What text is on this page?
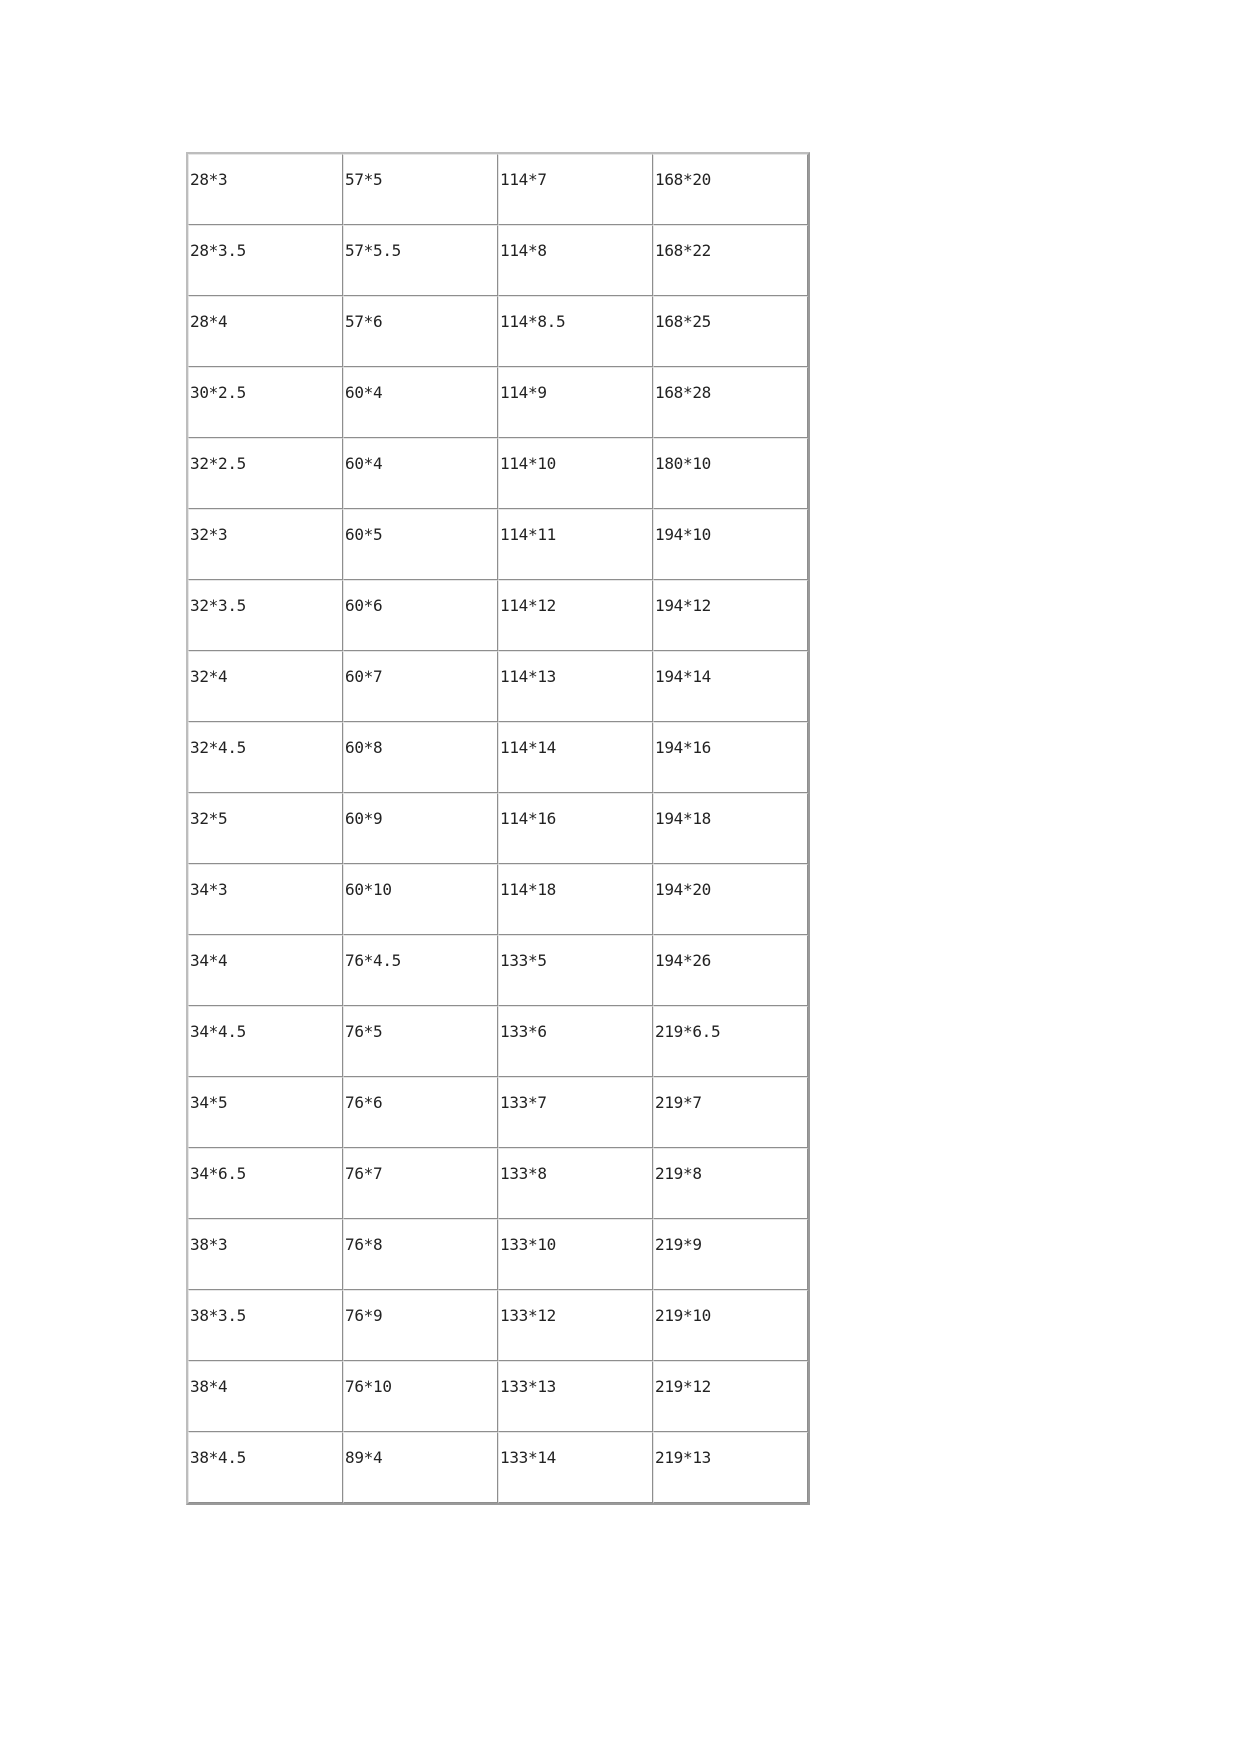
28*3	57*5	114*7	168*20

28*3.5	57*5.5	114*8	168*22

28*4	57*6	114*8.5	168*25

30*2.5	60*4	114*9	168*28

32*2.5	60*4	114*10	180*10

32*3	60*5	114*11	194*10

32*3.5	60*6	114*12	194*12

32*4	60*7	114*13	194*14

32*4.5	60*8	114*14	194*16

32*5	60*9	114*16	194*18

34*3	60*10	114*18	194*20

34*4	76*4.5	133*5	194*26

34*4.5	76*5	133*6	219*6.5

34*5	76*6	133*7	219*7

34*6.5	76*7	133*8	219*8

38*3	76*8	133*10	219*9

38*3.5	76*9	133*12	219*10

38*4	76*10	133*13	219*12

38*4.5	89*4	133*14	219*13
